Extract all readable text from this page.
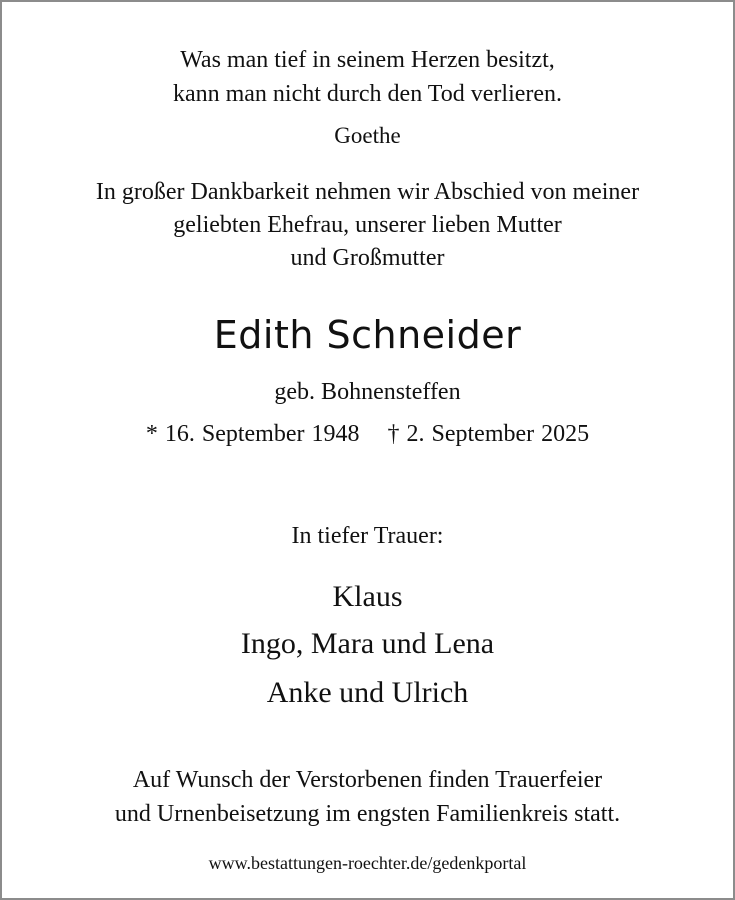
Was man tief in seinem Herzen besitzt,
kann man nicht durch den Tod verlieren.
Goethe
In großer Dankbarkeit nehmen wir Abschied von meiner
geliebten Ehefrau, unserer lieben Mutter
und Großmutter
Edith Schneider
geb. Bohnensteffen
* 16. September 1948    † 2. September 2025
In tiefer Trauer:
Klaus
Ingo, Mara und Lena
Anke und Ulrich
Auf Wunsch der Verstorbenen finden Trauerfeier
und Urnenbeisetzung im engsten Familienkreis statt.
www.bestattungen-roechter.de/gedenkportal
